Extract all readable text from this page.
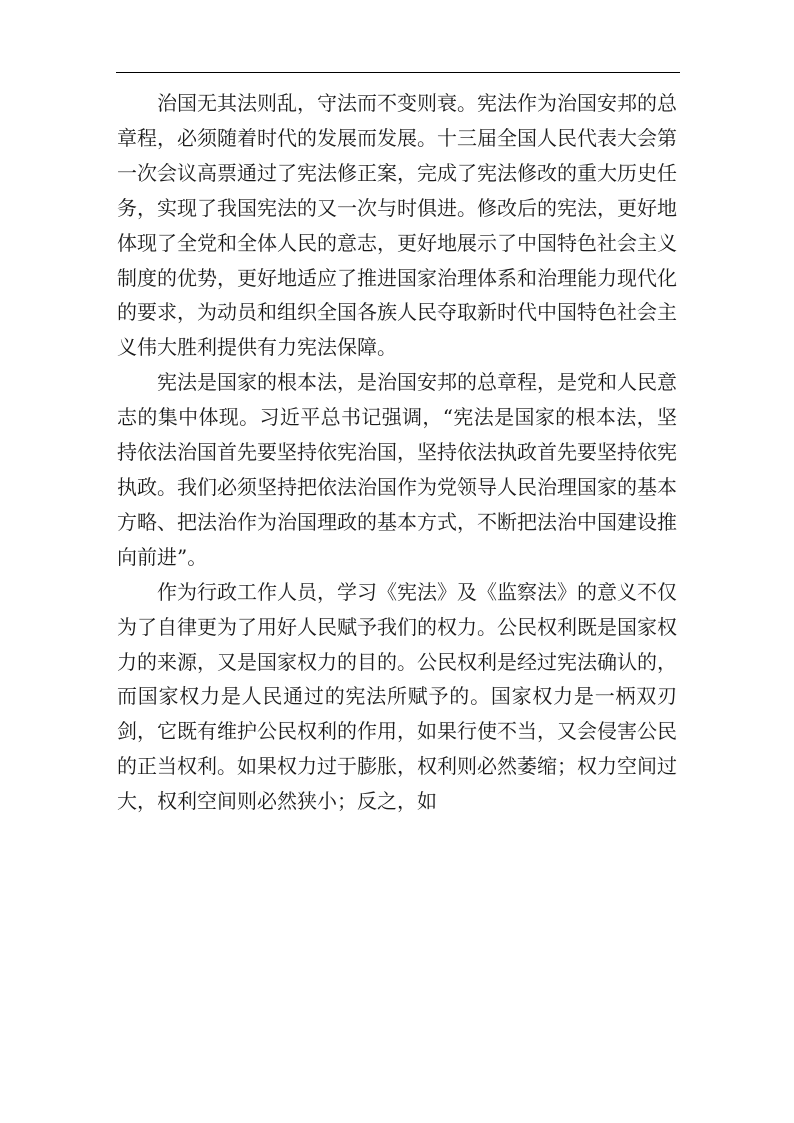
治国无其法则乱，守法而不变则衰。宪法作为治国安邦的总章程，必须随着时代的发展而发展。十三届全国人民代表大会第一次会议高票通过了宪法修正案，完成了宪法修改的重大历史任务，实现了我国宪法的又一次与时俱进。修改后的宪法，更好地体现了全党和全体人民的意志，更好地展示了中国特色社会主义制度的优势，更好地适应了推进国家治理体系和治理能力现代化的要求，为动员和组织全国各族人民夺取新时代中国特色社会主义伟大胜利提供有力宪法保障。

宪法是国家的根本法，是治国安邦的总章程，是党和人民意志的集中体现。习近平总书记强调，“宪法是国家的根本法，坚持依法治国首先要坚持依宪治国，坚持依法执政首先要坚持依宪执政。我们必须坚持把依法治国作为党领导人民治理国家的基本方略、把法治作为治国理政的基本方式，不断把法治中国建设推向前进”。

作为行政工作人员，学习《宪法》及《监察法》的意义不仅为了自律更为了用好人民赋予我们的权力。公民权利既是国家权力的来源，又是国家权力的目的。公民权利是经过宪法确认的，而国家权力是人民通过的宪法所赋予的。国家权力是一柄双刃剑，它既有维护公民权利的作用，如果行使不当，又会侵害公民的正当权利。如果权力过于膨胀，权利则必然萎缩；权力空间过大，权利空间则必然狭小；反之，如
